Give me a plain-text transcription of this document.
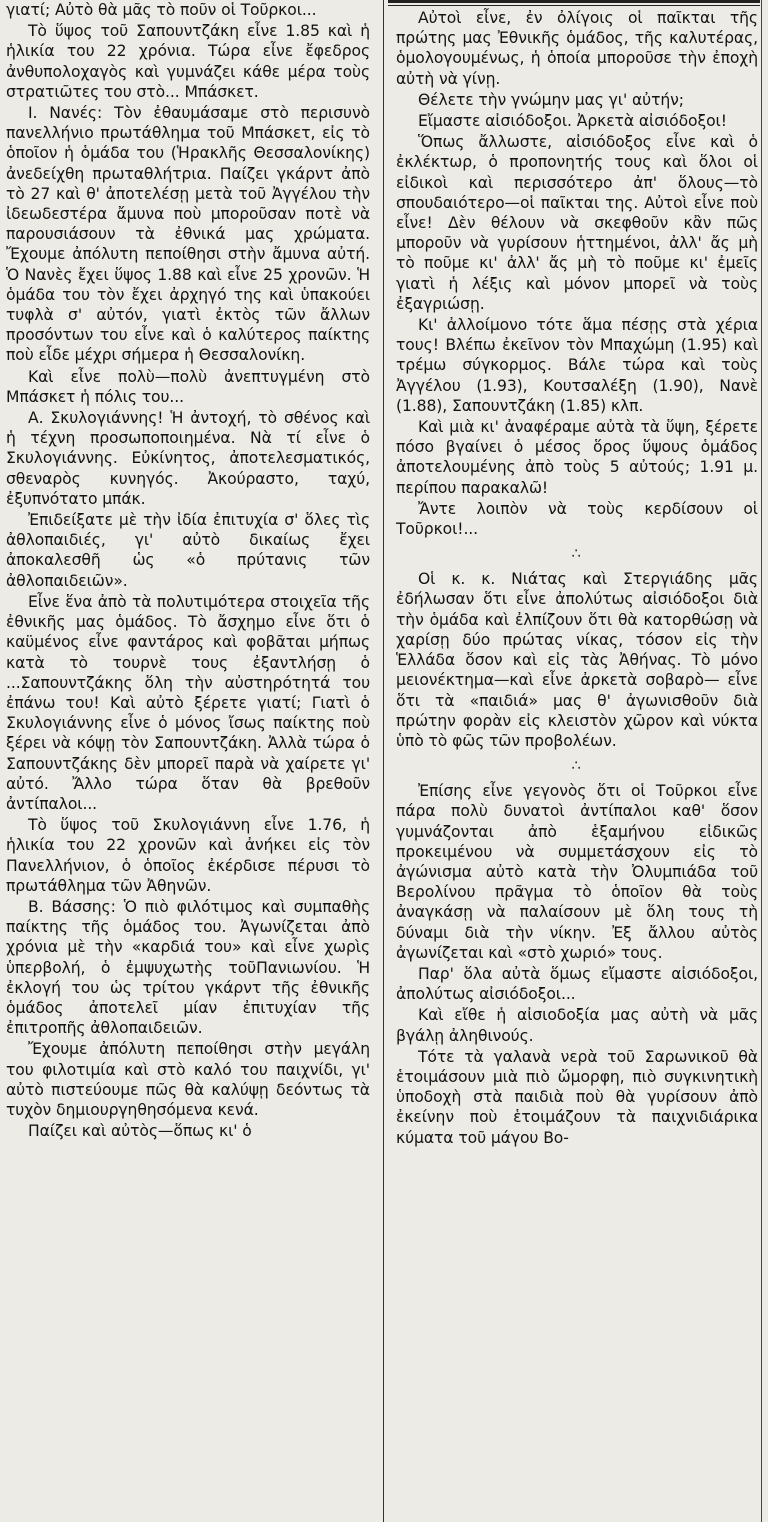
γιατί; Αὐτὸ θὰ μᾶς τὸ ποῦν οἱ Τοῦρκοι...

Τὸ ὕψος τοῦ Σαπουντζάκη εἶνε 1.85 καὶ ἡ ἡλικία του 22 χρόνια. Τώρα εἶνε ἔφεδρος ἀνθυπολοχαγὸς καὶ γυμνάζει κάθε μέρα τοὺς στρατιῶτες του στὸ... Μπάσκετ.

Ι. Νανές: Τὸν ἐθαυμάσαμε στὸ περισυνὸ πανελλήνιο πρωτάθλημα τοῦ Μπάσκετ, εἰς τὸ ὁποῖον ἡ ὁμάδα του (Ἡρακλῆς Θεσσαλονίκης) ἀνεδείχθη πρωταθλήτρια. Παίζει γκάρντ ἀπὸ τὸ 27 καὶ θ' ἀποτελέσῃ μετὰ τοῦ Ἀγγέλου τὴν ἰδεωδεστέρα ἄμυνα ποὺ μποροῦσαν ποτὲ νὰ παρουσιάσουν τὰ ἐθνικά μας χρώματα. Ἔχουμε ἀπόλυτη πεποίθησι στὴν ἄμυνα αὐτή. Ὁ Νανὲς ἔχει ὕψος 1.88 καὶ εἶνε 25 χρονῶν. Ἡ ὁμάδα του τὸν ἔχει ἀρχηγό της καὶ ὑπακούει τυφλὰ σ' αὐτόν, γιατὶ ἐκτὸς τῶν ἄλλων προσόντων του εἶνε καὶ ὁ καλύτερος παίκτης ποὺ εἶδε μέχρι σήμερα ἡ Θεσσαλονίκη.

Καὶ εἶνε πολὺ—πολὺ ἀνεπτυγμένη στὸ Μπάσκετ ἡ πόλις του...

Α. Σκυλογιάννης! Ἡ ἀντοχή, τὸ σθένος καὶ ἡ τέχνη προσωποποιημένα. Νὰ τί εἶνε ὁ Σκυλογιάννης. Εὐκίνητος, ἀποτελεσματικός, σθεναρὸς κυνηγός. Ἀκούραστο, ταχύ, ἐξυπνότατο μπάκ.

Ἐπιδείξατε μὲ τὴν ἰδία ἐπιτυχία σ' ὅλες τὶς ἀθλοπαιδιές, γι' αὐτὸ δικαίως ἔχει ἀποκαλεσθῆ ὡς «ὁ πρύτανις τῶν ἀθλοπαιδειῶν».

Εἶνε ἕνα ἀπὸ τὰ πολυτιμότερα στοιχεῖα τῆς ἐθνικῆς μας ὁμάδος. Τὸ ἄσχημο εἶνε ὅτι ὁ καϋμένος εἶνε φαντάρος καὶ φοβᾶται μήπως κατὰ τὸ τουρνὲ τους ἐξαντλήσῃ ὁ ...Σαπουντζάκης ὅλη τὴν αὐστηρότητά του ἐπάνω του! Καὶ αὐτὸ ξέρετε γιατί; Γιατὶ ὁ Σκυλογιάννης εἶνε ὁ μόνος ἴσως παίκτης ποὺ ξέρει νὰ κόψῃ τὸν Σαπουντζάκη. Ἀλλὰ τώρα ὁ Σαπουντζάκης δὲν μπορεῖ παρὰ νὰ χαίρετε γι' αὐτό. Ἄλλο τώρα ὅταν θὰ βρεθοῦν ἀντίπαλοι...

Τὸ ὕψος τοῦ Σκυλογιάννη εἶνε 1.76, ἡ ἡλικία του 22 χρονῶν καὶ ἀνήκει εἰς τὸν Πανελλήνιον, ὁ ὁποῖος ἐκέρδισε πέρυσι τὸ πρωτάθλημα τῶν Ἀθηνῶν.

Β. Βάσσης: Ὁ πιὸ φιλότιμος καὶ συμπαθὴς παίκτης τῆς ὁμάδος του. Ἀγωνίζεται ἀπὸ χρόνια μὲ τὴν «καρδιά του» καὶ εἶνε χωρὶς ὑπερβολή, ὁ ἐμψυχωτὴς τοῦΠανιωνίου. Ἡ ἐκλογή του ὡς τρίτου γκάρντ τῆς ἐθνικῆς ὁμάδος ἀποτελεῖ μίαν ἐπιτυχίαν τῆς ἐπιτροπῆς ἀθλοπαιδειῶν.

Ἔχουμε ἀπόλυτη πεποίθησι στὴν μεγάλη του φιλοτιμία καὶ στὸ καλό του παιχνίδι, γι' αὐτὸ πιστεύουμε πῶς θὰ καλύψῃ δεόντως τὰ τυχὸν δημιουργηθησόμενα κενά.

Παίζει καὶ αὐτὸς—ὅπως κι' ὁ

Αὐτοὶ εἶνε, ἐν ὀλίγοις οἱ παῖκται τῆς πρώτης μας Ἐθνικῆς ὁμάδος, τῆς καλυτέρας, ὁμολογουμένως, ἡ ὁποία μποροῦσε τὴν ἐποχὴ αὐτὴ νὰ γίνῃ.

Θέλετε τὴν γνώμην μας γι' αὐτήν;

Εἴμαστε αἰσιόδοξοι. Ἀρκετὰ αἰσιόδοξοι!

Ὅπως ἄλλωστε, αἰσιόδοξος εἶνε καὶ ὁ ἐκλέκτωρ, ὁ προπονητής τους καὶ ὅλοι οἱ εἰδικοὶ καὶ περισσότερο ἀπ' ὅλους—τὸ σπουδαιότερο—οἱ παῖκται της. Αὐτοὶ εἶνε ποὺ εἶνε! Δὲν θέλουν νὰ σκεφθοῦν κἂν πῶς μποροῦν νὰ γυρίσουν ἡττημένοι, ἀλλ' ἄς μὴ τὸ ποῦμε κι' ἀλλ' ἄς μὴ τὸ ποῦμε κι' ἐμεῖς γιατὶ ἡ λέξις καὶ μόνον μπορεῖ νὰ τοὺς ἐξαγριώσῃ.

Κι' ἀλλοίμονο τότε ἅμα πέσῃς στὰ χέρια τους! Βλέπω ἐκεῖνον τὸν Μπαχώμη (1.95) καὶ τρέμω σύγκορμος. Βάλε τώρα καὶ τοὺς Ἀγγέλου (1.93), Κουτσαλέξη (1.90), Νανὲ (1.88), Σαπουντζάκη (1.85) κλπ.

Καὶ μιὰ κι' ἀναφέραμε αὐτὰ τὰ ὕψη, ξέρετε πόσο βγαίνει ὁ μέσος ὅρος ὕψους ὁμάδος ἀποτελουμένης ἀπὸ τοὺς 5 αὐτούς; 1.91 μ. περίπου παρακαλῶ!

Ἄντε λοιπὸν νὰ τοὺς κερδίσουν οἱ Τοῦρκοι!...

∴

Οἱ κ. κ. Νιάτας καὶ Στεργιάδης μᾶς ἐδήλωσαν ὅτι εἶνε ἀπολύτως αἰσιόδοξοι διὰ τὴν ὁμάδα καὶ ἐλπίζουν ὅτι θὰ κατορθώσῃ νὰ χαρίσῃ δύο πρώτας νίκας, τόσον εἰς τὴν Ἑλλάδα ὅσον καὶ εἰς τὰς Ἀθήνας. Τὸ μόνο μειονέκτημα—καὶ εἶνε ἀρκετὰ σοβαρὸ— εἶνε ὅτι τὰ «παιδιά» μας θ' ἀγωνισθοῦν διὰ πρώτην φορὰν εἰς κλειστὸν χῶρον καὶ νύκτα ὑπὸ τὸ φῶς τῶν προβολέων.

∴

Ἐπίσης εἶνε γεγονὸς ὅτι οἱ Τοῦρκοι εἶνε πάρα πολὺ δυνατοὶ ἀντίπαλοι καθ' ὅσον γυμνάζονται ἀπὸ ἑξαμήνου εἰδικῶς προκειμένου νὰ συμμετάσχουν εἰς τὸ ἀγώνισμα αὐτὸ κατὰ τὴν Ὀλυμπιάδα τοῦ Βερολίνου πρᾶγμα τὸ ὁποῖον θὰ τοὺς ἀναγκάσῃ νὰ παλαίσουν μὲ ὅλη τους τὴ δύναμι διὰ τὴν νίκην. Ἐξ ἄλλου αὐτὸς ἀγωνίζεται καὶ «στὸ χωριό» τους.

Παρ' ὅλα αὐτὰ ὅμως εἴμαστε αἰσιόδοξοι, ἀπολύτως αἰσιόδοξοι...

Καὶ εἴθε ἡ αἰσιοδοξία μας αὐτὴ νὰ μᾶς βγάλῃ ἀληθινούς.

Τότε τὰ γαλανὰ νερὰ τοῦ Σαρωνικοῦ θὰ ἑτοιμάσουν μιὰ πιὸ ὤμορφη, πιὸ συγκινητικὴ ὑποδοχὴ στὰ παιδιὰ ποὺ θὰ γυρίσουν ἀπὸ ἐκείνην ποὺ ἑτοιμάζουν τὰ παιχνιδιάρικα κύματα τοῦ μάγου Βο-
